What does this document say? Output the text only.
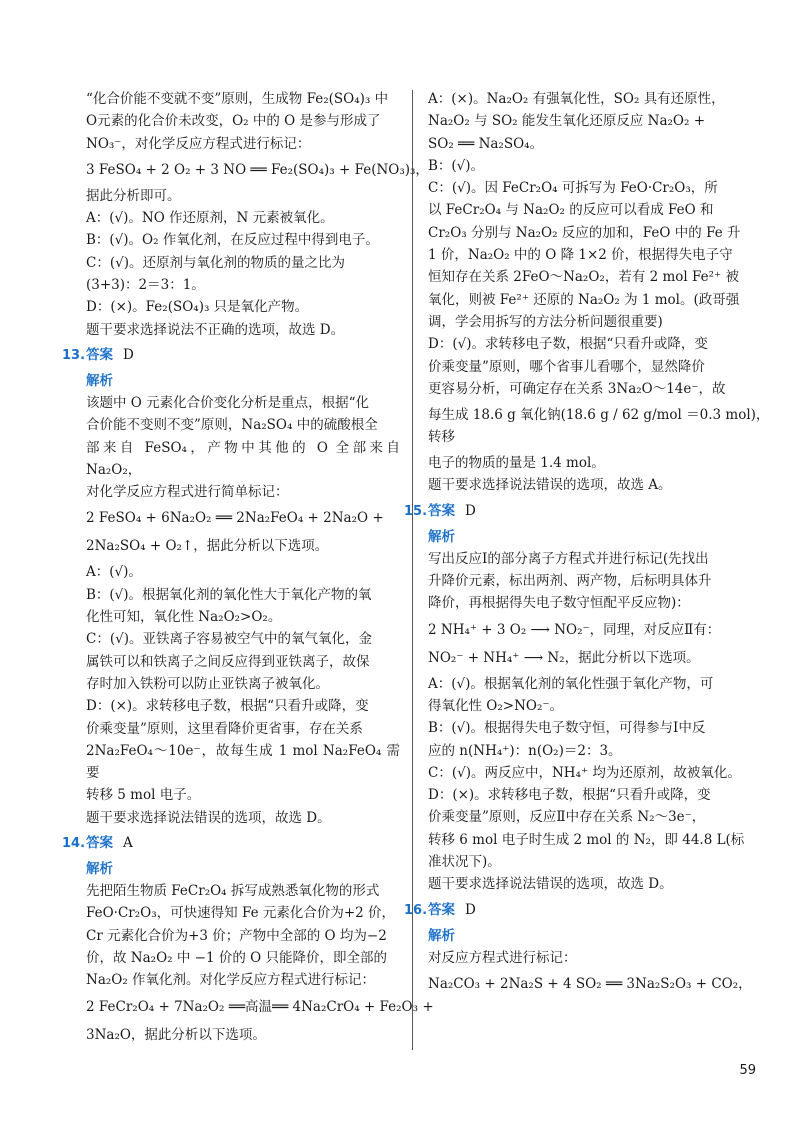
“化合价能不变就不变”原则，生成物 Fe₂(SO₄)₃ 中

O元素的化合价未改变，O₂ 中的 O 是参与形成了

NO₃⁻，对化学反应方程式进行标记：

3 FeSO₄ + 2 O₂ + 3 NO ══ Fe₂(SO₄)₃ + Fe(NO₃)₃，

据此分析即可。

A：(√)。NO 作还原剂，N 元素被氧化。

B：(√)。O₂ 作氧化剂，在反应过程中得到电子。

C：(√)。还原剂与氧化剂的物质的量之比为

(3+3)：2＝3：1。

D：(×)。Fe₂(SO₄)₃ 只是氧化产物。

题干要求选择说法不正确的选项，故选 D。

13. 答案 D

解析

该题中 O 元素化合价变化分析是重点，根据“化

合价能不变则不变”原则，Na₂SO₄ 中的硫酸根全

部来自 FeSO₄，产物中其他的 O 全部来自 Na₂O₂，

对化学反应方程式进行简单标记：

2 FeSO₄ + 6Na₂O₂ ══ 2Na₂FeO₄ + 2Na₂O +
2Na₂SO₄ + O₂↑，据此分析以下选项。

A：(√)。

B：(√)。根据氧化剂的氧化性大于氧化产物的氧

化性可知，氧化性 Na₂O₂>O₂。

C：(√)。亚铁离子容易被空气中的氧气氧化，金

属铁可以和铁离子之间反应得到亚铁离子，故保

存时加入铁粉可以防止亚铁离子被氧化。

D：(×)。求转移电子数，根据“只看升或降，变

价乘变量”原则，这里看降价更省事，存在关系

2Na₂FeO₄～10e⁻，故每生成 1 mol Na₂FeO₄ 需要

转移 5 mol 电子。

题干要求选择说法错误的选项，故选 D。

14. 答案 A

解析

先把陌生物质 FeCr₂O₄ 拆写成熟悉氧化物的形式

FeO·Cr₂O₃，可快速得知 Fe 元素化合价为+2 价，

Cr 元素化合价为+3 价；产物中全部的 O 均为−2

价，故 Na₂O₂ 中 −1 价的 O 只能降价，即全部的

Na₂O₂ 作氧化剂。对化学反应方程式进行标记：

2 FeCr₂O₄ + 7Na₂O₂ ══高温══ 4Na₂CrO₄ + Fe₂O₃ +
3Na₂O，据此分析以下选项。

A：(×)。Na₂O₂ 有强氧化性，SO₂ 具有还原性，

Na₂O₂ 与 SO₂ 能发生氧化还原反应 Na₂O₂ +

SO₂ ══ Na₂SO₄。

B：(√)。

C：(√)。因 FeCr₂O₄ 可拆写为 FeO·Cr₂O₃，所

以 FeCr₂O₄ 与 Na₂O₂ 的反应可以看成 FeO 和

Cr₂O₃ 分别与 Na₂O₂ 反应的加和，FeO 中的 Fe 升

1 价，Na₂O₂ 中的 O 降 1×2 价，根据得失电子守

恒知存在关系 2FeO～Na₂O₂，若有 2 mol Fe²⁺ 被

氧化，则被 Fe²⁺ 还原的 Na₂O₂ 为 1 mol。(政哥强

调，学会用拆写的方法分析问题很重要)

D：(√)。求转移电子数，根据“只看升或降，变

价乘变量”原则，哪个省事儿看哪个，显然降价

更容易分析，可确定存在关系 3Na₂O～14e⁻，故

每生成 18.6 g 氧化钠(18.6 g / 62 g/mol ＝0.3 mol)，转移

电子的物质的量是 1.4 mol。

题干要求选择说法错误的选项，故选 A。

15. 答案 D

解析

写出反应Ⅰ的部分离子方程式并进行标记(先找出

升降价元素，标出两剂、两产物，后标明具体升

降价，再根据得失电子数守恒配平反应物)：

2 NH₄⁺ + 3 O₂ ⟶ NO₂⁻，同理，对反应Ⅱ有：
NO₂⁻ + NH₄⁺ ⟶ N₂，据此分析以下选项。

A：(√)。根据氧化剂的氧化性强于氧化产物，可

得氧化性 O₂>NO₂⁻。

B：(√)。根据得失电子数守恒，可得参与Ⅰ中反

应的 n(NH₄⁺)：n(O₂)＝2：3。

C：(√)。两反应中，NH₄⁺ 均为还原剂，故被氧化。

D：(×)。求转移电子数，根据“只看升或降，变

价乘变量”原则，反应Ⅱ中存在关系 N₂～3e⁻，

转移 6 mol 电子时生成 2 mol 的 N₂，即 44.8 L(标

准状况下)。

题干要求选择说法错误的选项，故选 D。

16. 答案 D

解析

对反应方程式进行标记：

Na₂CO₃ + 2Na₂S + 4 SO₂ ══ 3Na₂S₂O₃ + CO₂，
59
